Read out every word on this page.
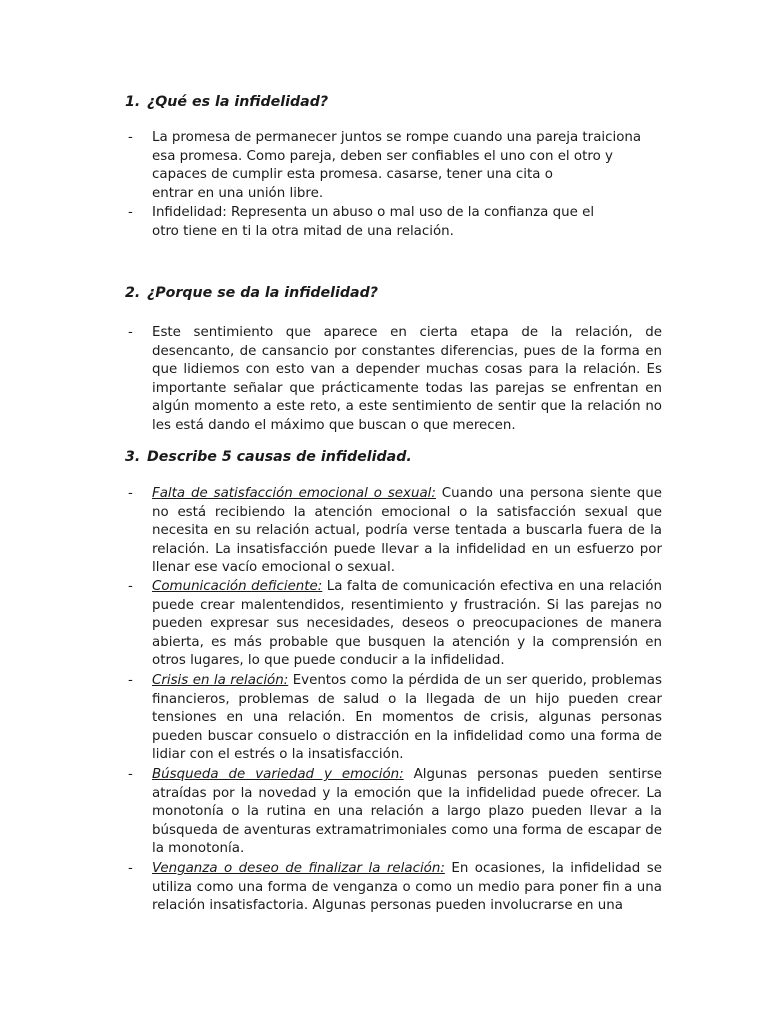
1. ¿Qué es la infidelidad?
- La promesa de permanecer juntos se rompe cuando una pareja traiciona
esa promesa. Como pareja, deben ser confiables el uno con el otro y
capaces de cumplir esta promesa. casarse, tener una cita o
entrar en una unión libre.
- Infidelidad: Representa un abuso o mal uso de la confianza que el
otro tiene en ti la otra mitad de una relación.
2. ¿Porque se da la infidelidad?
- Este sentimiento que aparece en cierta etapa de la relación, de desencanto, de cansancio por constantes diferencias, pues de la forma en que lidiemos con esto van a depender muchas cosas para la relación. Es importante señalar que prácticamente todas las parejas se enfrentan en algún momento a este reto, a este sentimiento de sentir que la relación no les está dando el máximo que buscan o que merecen.
3. Describe 5 causas de infidelidad.
- Falta de satisfacción emocional o sexual: Cuando una persona siente que no está recibiendo la atención emocional o la satisfacción sexual que necesita en su relación actual, podría verse tentada a buscarla fuera de la relación. La insatisfacción puede llevar a la infidelidad en un esfuerzo por llenar ese vacío emocional o sexual.
- Comunicación deficiente: La falta de comunicación efectiva en una relación puede crear malentendidos, resentimiento y frustración. Si las parejas no pueden expresar sus necesidades, deseos o preocupaciones de manera abierta, es más probable que busquen la atención y la comprensión en otros lugares, lo que puede conducir a la infidelidad.
- Crisis en la relación: Eventos como la pérdida de un ser querido, problemas financieros, problemas de salud o la llegada de un hijo pueden crear tensiones en una relación. En momentos de crisis, algunas personas pueden buscar consuelo o distracción en la infidelidad como una forma de lidiar con el estrés o la insatisfacción.
- Búsqueda de variedad y emoción: Algunas personas pueden sentirse atraídas por la novedad y la emoción que la infidelidad puede ofrecer. La monotonía o la rutina en una relación a largo plazo pueden llevar a la búsqueda de aventuras extramatrimoniales como una forma de escapar de la monotonía.
- Venganza o deseo de finalizar la relación: En ocasiones, la infidelidad se utiliza como una forma de venganza o como un medio para poner fin a una relación insatisfactoria. Algunas personas pueden involucrarse en una
